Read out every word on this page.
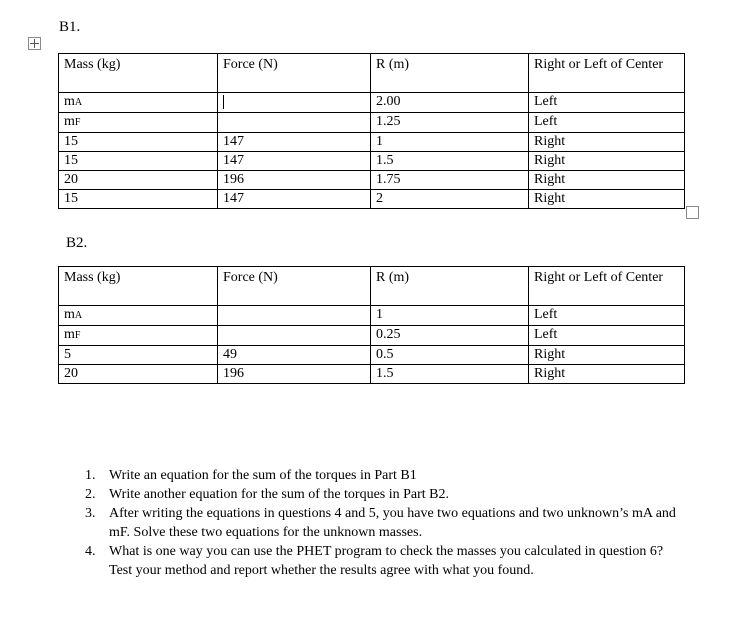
B1.
Mass (kg)	Force (N)	R (m)	Right or Left of Center
mA		2.00	Left
mF		1.25	Left
15	147	1	Right
15	147	1.5	Right
20	196	1.75	Right
15	147	2	Right
B2.
Mass (kg)	Force (N)	R (m)	Right or Left of Center
mA		1	Left
mF		0.25	Left
5	49	0.5	Right
20	196	1.5	Right
1. Write an equation for the sum of the torques in Part B1
2. Write another equation for the sum of the torques in Part B2.
3. After writing the equations in questions 4 and 5, you have two equations and two unknown’s mA and mF. Solve these two equations for the unknown masses.
4. What is one way you can use the PHET program to check the masses you calculated in question 6? Test your method and report whether the results agree with what you found.
